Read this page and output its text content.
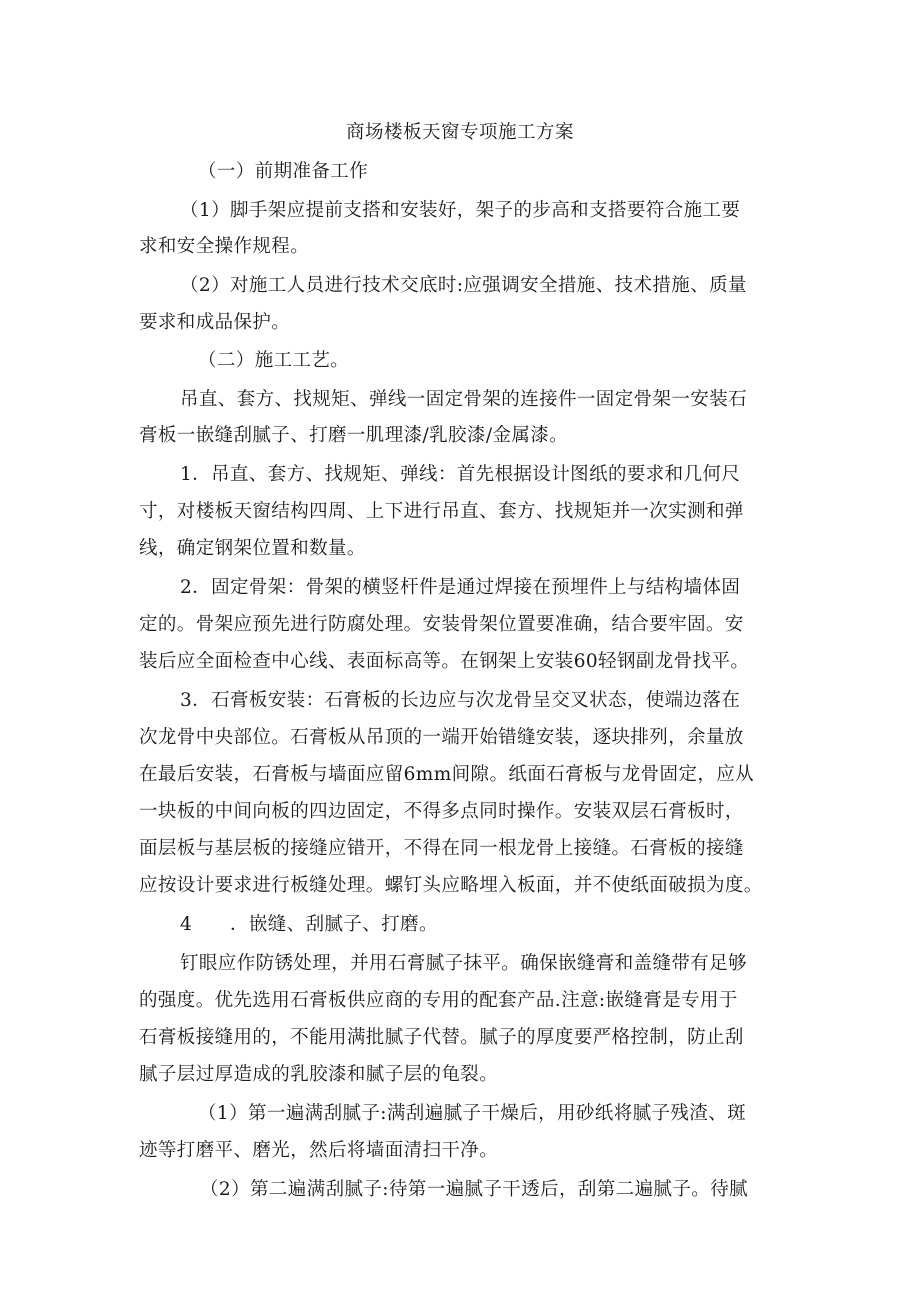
商场楼板天窗专项施工方案
（一）前期准备工作
（1）脚手架应提前支搭和安装好，架子的步高和支搭要符合施工要
求和安全操作规程。
（2）对施工人员进行技术交底时:应强调安全措施、技术措施、质量
要求和成品保护。
（二）施工工艺。
吊直、套方、找规矩、弹线一固定骨架的连接件一固定骨架一安装石
膏板一嵌缝刮腻子、打磨一肌理漆/乳胶漆/金属漆。
1．吊直、套方、找规矩、弹线：首先根据设计图纸的要求和几何尺
寸，对楼板天窗结构四周、上下进行吊直、套方、找规矩并一次实测和弹
线，确定钢架位置和数量。
2．固定骨架：骨架的横竖杆件是通过焊接在预埋件上与结构墙体固
定的。骨架应预先进行防腐处理。安装骨架位置要准确，结合要牢固。安
装后应全面检查中心线、表面标高等。在钢架上安装60轻钢副龙骨找平。
3．石膏板安装：石膏板的长边应与次龙骨呈交叉状态，使端边落在
次龙骨中央部位。石膏板从吊顶的一端开始错缝安装，逐块排列，余量放
在最后安装，石膏板与墙面应留6mm间隙。纸面石膏板与龙骨固定，应从
一块板的中间向板的四边固定，不得多点同时操作。安装双层石膏板时，
面层板与基层板的接缝应错开，不得在同一根龙骨上接缝。石膏板的接缝
应按设计要求进行板缝处理。螺钉头应略埋入板面，并不使纸面破损为度。
4　　．嵌缝、刮腻子、打磨。
钉眼应作防锈处理，并用石膏腻子抹平。确保嵌缝膏和盖缝带有足够
的强度。优先选用石膏板供应商的专用的配套产品.注意:嵌缝膏是专用于
石膏板接缝用的，不能用满批腻子代替。腻子的厚度要严格控制，防止刮
腻子层过厚造成的乳胶漆和腻子层的龟裂。
（1）第一遍满刮腻子:满刮遍腻子干燥后，用砂纸将腻子残渣、斑
迹等打磨平、磨光，然后将墙面清扫干净。
（2）第二遍满刮腻子:待第一遍腻子干透后，刮第二遍腻子。待腻
